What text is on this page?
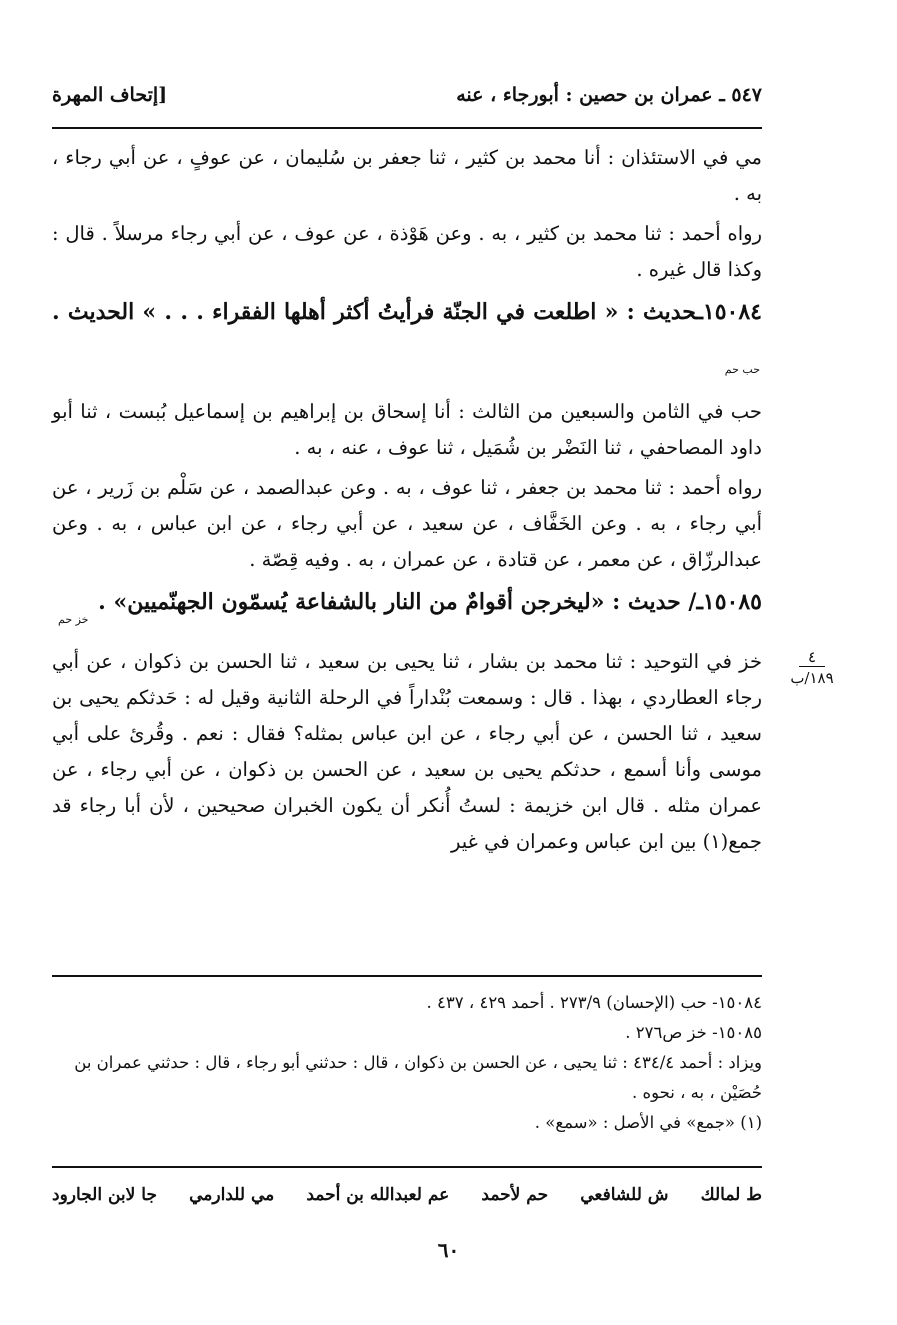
٥٤٧ ـ عمران بن حصين : أبورجاء ، عنه
[إتحاف المهرة

مي في الاستئذان : أنا محمد بن كثير ، ثنا جعفر بن سُليمان ، عن عوفٍ ، عن أبي رجاء ، به .

رواه أحمد : ثنا محمد بن كثير ، به . وعن هَوْذة ، عن عوف ، عن أبي رجاء مرسلاً . قال : وكذا قال غيره .

١٥٠٨٤ـحديث : « اطلعت في الجنّة فرأيتُ أكثر أهلها الفقراء . . . » الحديث . حب حم

حب في الثامن والسبعين من الثالث : أنا إسحاق بن إبراهيم بن إسماعيل بُبست ، ثنا أبو داود المصاحفي ، ثنا النَضْر بن شُمَيل ، ثنا عوف ، عنه ، به .

رواه أحمد : ثنا محمد بن جعفر ، ثنا عوف ، به . وعن عبدالصمد ، عن سَلْم بن زَرير ، عن أبي رجاء ، به . وعن الخَفَّاف ، عن سعيد ، عن أبي رجاء ، عن ابن عباس ، به . وعن عبدالرزّاق ، عن معمر ، عن قتادة ، عن عمران ، به . وفيه قِصّة .

١٥٠٨٥ـ/ حديث : «ليخرجن أقوامٌ من النار بالشفاعة يُسمّون الجهنّميين» . خز حم

خز في التوحيد : ثنا محمد بن بشار ، ثنا يحيى بن سعيد ، ثنا الحسن بن ذكوان ، عن أبي رجاء العطاردي ، بهذا . قال : وسمعت بُنْداراً في الرحلة الثانية وقيل له : حَدثكم يحيى بن سعيد ، ثنا الحسن ، عن أبي رجاء ، عن ابن عباس بمثله؟ فقال : نعم . وقُرئ على أبي موسى وأنا أسمع ، حدثكم يحيى بن سعيد ، عن الحسن بن ذكوان ، عن أبي رجاء ، عن عمران مثله . قال ابن خزيمة : لستُ أُنكر أن يكون الخبران صحيحين ، لأن أبا رجاء قد جمع(١) بين ابن عباس وعمران في غير

٤
١٨٩/ب

١٥٠٨٤- حب (الإحسان) ٢٧٣/٩ . أحمد ٤٢٩ ، ٤٣٧ .

١٥٠٨٥- خز ص٢٧٦ .

ويزاد : أحمد ٤٣٤/٤ : ثنا يحيى ، عن الحسن بن ذكوان ، قال : حدثني أبو رجاء ، قال : حدثني عمران بن حُصَيْن ، به ، نحوه .

(١) «جمع» في الأصل : «سمع» .

ط لمالك
ش للشافعي
حم لأحمد
عم لعبدالله بن أحمد
مي للدارمي
جا لابن الجارود
٦٠
